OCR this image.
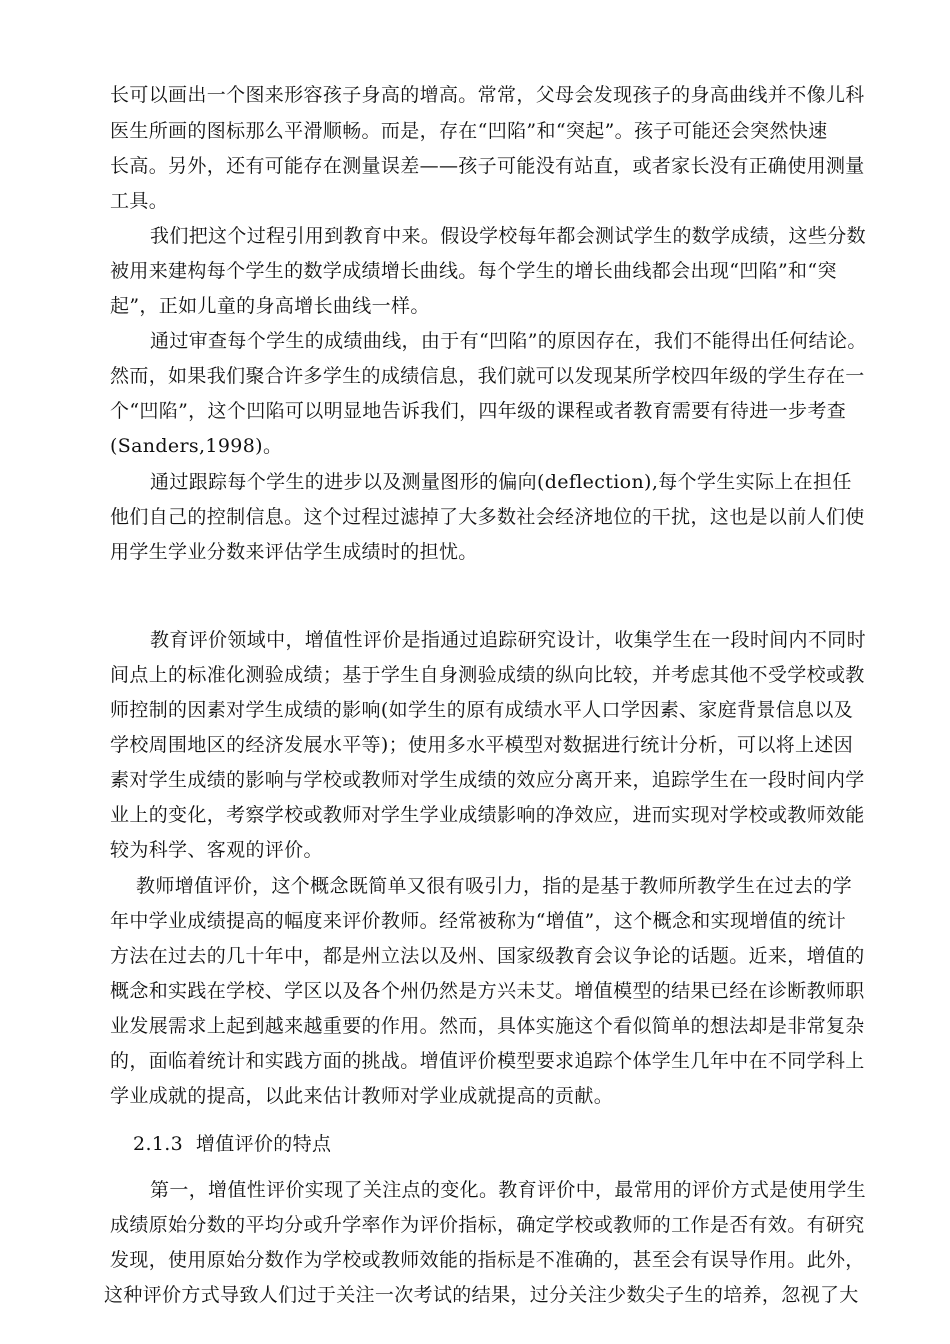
长可以画出一个图来形容孩子身高的增高。常常，父母会发现孩子的身高曲线并不像儿科
医生所画的图标那么平滑顺畅。而是，存在“凹陷”和“突起”。孩子可能还会突然快速
长高。另外，还有可能存在测量误差——孩子可能没有站直，或者家长没有正确使用测量
工具。
我们把这个过程引用到教育中来。假设学校每年都会测试学生的数学成绩，这些分数
被用来建构每个学生的数学成绩增长曲线。每个学生的增长曲线都会出现“凹陷”和“突
起”，正如儿童的身高增长曲线一样。
通过审查每个学生的成绩曲线，由于有“凹陷”的原因存在，我们不能得出任何结论。
然而，如果我们聚合许多学生的成绩信息，我们就可以发现某所学校四年级的学生存在一
个“凹陷”，这个凹陷可以明显地告诉我们，四年级的课程或者教育需要有待进一步考查
(Sanders,1998)。
通过跟踪每个学生的进步以及测量图形的偏向(deflection),每个学生实际上在担任
他们自己的控制信息。这个过程过滤掉了大多数社会经济地位的干扰，这也是以前人们使
用学生学业分数来评估学生成绩时的担忧。
教育评价领域中，增值性评价是指通过追踪研究设计，收集学生在一段时间内不同时
间点上的标准化测验成绩；基于学生自身测验成绩的纵向比较，并考虑其他不受学校或教
师控制的因素对学生成绩的影响(如学生的原有成绩水平人口学因素、家庭背景信息以及
学校周围地区的经济发展水平等)；使用多水平模型对数据进行统计分析，可以将上述因
素对学生成绩的影响与学校或教师对学生成绩的效应分离开来，追踪学生在一段时间内学
业上的变化，考察学校或教师对学生学业成绩影响的净效应，进而实现对学校或教师效能
较为科学、客观的评价。
教师增值评价，这个概念既简单又很有吸引力，指的是基于教师所教学生在过去的学
年中学业成绩提高的幅度来评价教师。经常被称为“增值”，这个概念和实现增值的统计
方法在过去的几十年中，都是州立法以及州、国家级教育会议争论的话题。近来，增值的
概念和实践在学校、学区以及各个州仍然是方兴未艾。增值模型的结果已经在诊断教师职
业发展需求上起到越来越重要的作用。然而，具体实施这个看似简单的想法却是非常复杂
的，面临着统计和实践方面的挑战。增值评价模型要求追踪个体学生几年中在不同学科上
学业成就的提高，以此来估计教师对学业成就提高的贡献。
2.1.3 增值评价的特点
第一，增值性评价实现了关注点的变化。教育评价中，最常用的评价方式是使用学生
成绩原始分数的平均分或升学率作为评价指标，确定学校或教师的工作是否有效。有研究
发现，使用原始分数作为学校或教师效能的指标是不准确的，甚至会有误导作用。此外，
这种评价方式导致人们过于关注一次考试的结果，过分关注少数尖子生的培养，忽视了大
